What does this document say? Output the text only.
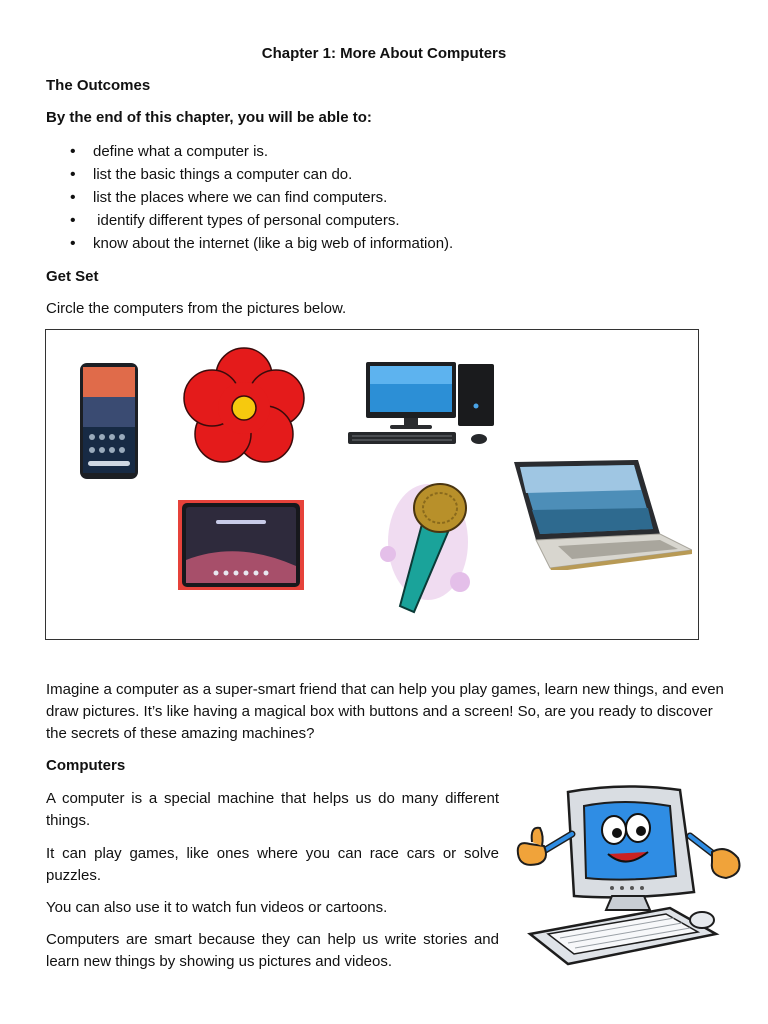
Chapter 1: More About Computers
The Outcomes
By the end of this chapter, you will be able to:
• define what a computer is.
• list the basic things a computer can do.
• list the places where we can find computers.
•  identify different types of personal computers.
• know about the internet (like a big web of information).
Get Set
Circle the computers from the pictures below.
Imagine a computer as a super-smart friend that can help you play games, learn new things, and even draw pictures. It’s like having a magical box with buttons and a screen! So, are you ready to discover the secrets of these amazing machines?
Computers
A computer is a special machine that helps us do many different things.
It can play games, like ones where you can race cars or solve puzzles.
You can also use it to watch fun videos or cartoons.
Computers are smart because they can help us write stories and learn new things by showing us pictures and videos.
